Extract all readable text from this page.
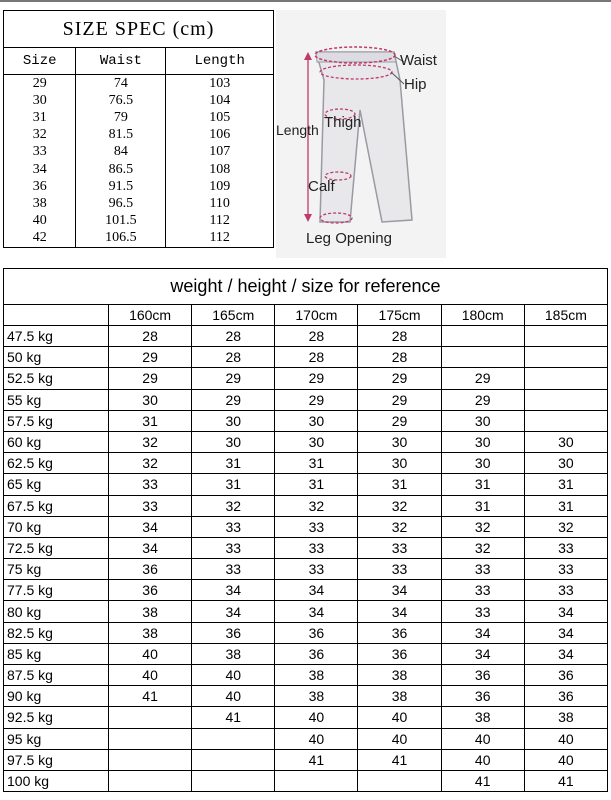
SIZE SPEC (cm)		
Size	Waist	Length
29	74	103
30	76.5	104
31	79	105
32	81.5	106
33	84	107
34	86.5	108
36	91.5	109
38	96.5	110
40	101.5	112
42	106.5	112
Waist
Hip
Length Thigh
Calf
Leg Opening
weight / height / size for reference						
	160cm	165cm	170cm	175cm	180cm	185cm
47.5 kg	28	28	28	28		
50 kg	29	28	28	28		
52.5 kg	29	29	29	29	29	
55 kg	30	29	29	29	29	
57.5 kg	31	30	30	29	30	
60 kg	32	30	30	30	30	30
62.5 kg	32	31	31	30	30	30
65 kg	33	31	31	31	31	31
67.5 kg	33	32	32	32	31	31
70 kg	34	33	33	32	32	32
72.5 kg	34	33	33	33	32	33
75 kg	36	33	33	33	33	33
77.5 kg	36	34	34	34	33	33
80 kg	38	34	34	34	33	34
82.5 kg	38	36	36	36	34	34
85 kg	40	38	36	36	34	34
87.5 kg	40	40	38	38	36	36
90 kg	41	40	38	38	36	36
92.5 kg		41	40	40	38	38
95 kg			40	40	40	40
97.5 kg			41	41	40	40
100 kg					41	41
